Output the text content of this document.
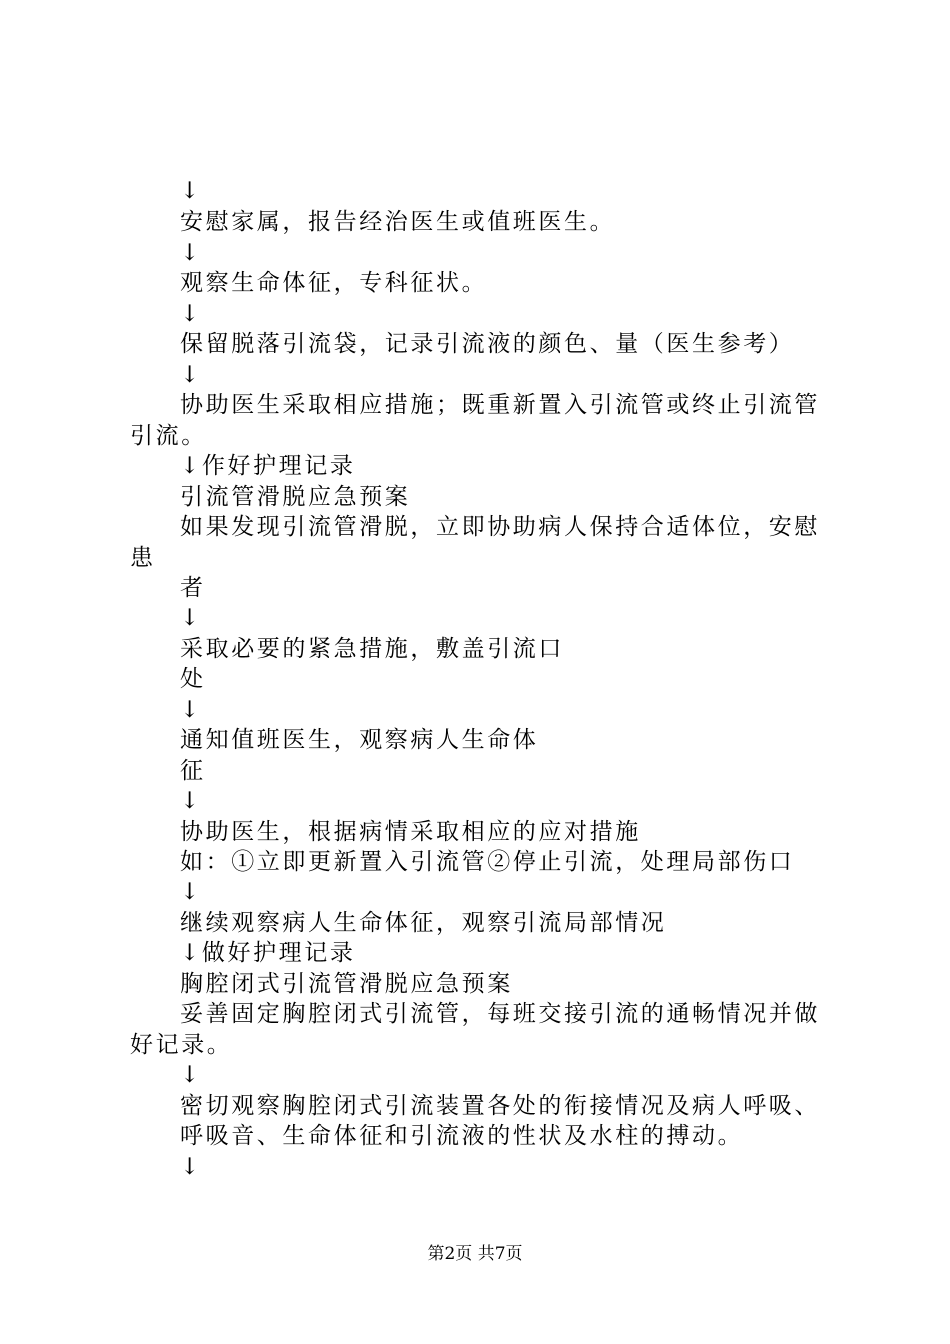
↓
安慰家属，报告经治医生或值班医生。
↓
观察生命体征，专科征状。
↓
保留脱落引流袋，记录引流液的颜色、量（医生参考）
↓
协助医生采取相应措施；既重新置入引流管或终止引流管
引流。
↓作好护理记录
引流管滑脱应急预案
如果发现引流管滑脱，立即协助病人保持合适体位，安慰
患
者
↓
采取必要的紧急措施，敷盖引流口
处
↓
通知值班医生，观察病人生命体
征
↓
协助医生，根据病情采取相应的应对措施
如：①立即更新置入引流管②停止引流，处理局部伤口
↓
继续观察病人生命体征，观察引流局部情况
↓做好护理记录
胸腔闭式引流管滑脱应急预案
妥善固定胸腔闭式引流管，每班交接引流的通畅情况并做
好记录。
↓
密切观察胸腔闭式引流装置各处的衔接情况及病人呼吸、
呼吸音、生命体征和引流液的性状及水柱的搏动。
↓
第2页 共7页
